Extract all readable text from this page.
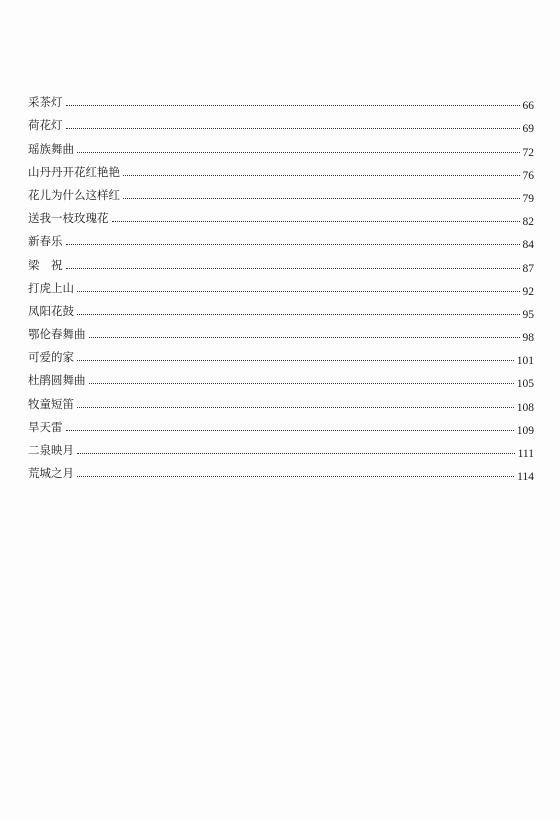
采茶灯	66
荷花灯	69
瑶族舞曲	72
山丹丹开花红艳艳	76
花儿为什么这样红	79
送我一枝玫瑰花	82
新春乐	84
梁　祝	87
打虎上山	92
凤阳花鼓	95
鄂伦春舞曲	98
可爱的家	101
杜鹃圆舞曲	105
牧童短笛	108
旱天雷	109
二泉映月	111
荒城之月	114
